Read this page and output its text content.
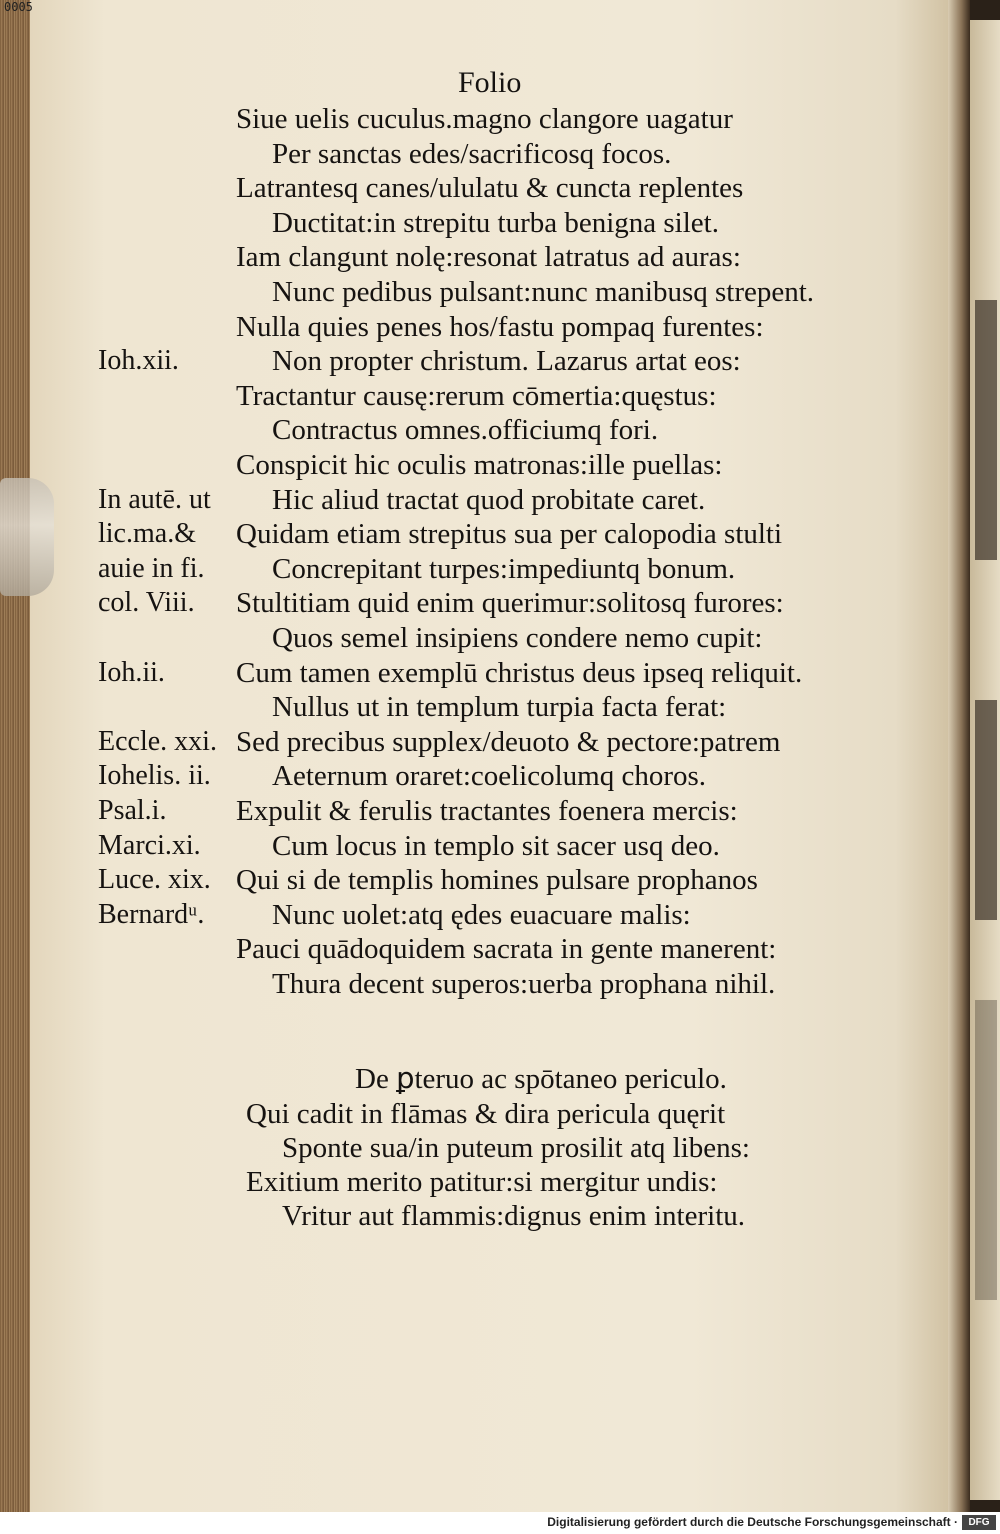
0005
Folio
Siue uelis cuculus.magno clangore uagatur
Per sanctas edes/sacrificosq focos.
Latrantesq canes/ululatu & cuncta replentes
Ductitat:in strepitu turba benigna silet.
Iam clangunt nolę:resonat latratus ad auras:
Nunc pedibus pulsant:nunc manibusq strepent.
Nulla quies penes hos/fastu pompaq furentes:
Ioh.xii.	Non propter christum. Lazarus artat eos:
Tractantur causę:rerum cōmertia:quęstus:
Contractus omnes.officiumq fori.
Conspicit hic oculis matronas:ille puellas:
In autē. ut Hic aliud tractat quod probitate caret.
lic.ma.& Quidam etiam strepitus sua per calopodia stulti
auie in fi. Concrepitant turpes:impediuntq bonum.
col. Viii. Stultitiam quid enim querimur:solitosq furores:
Quos semel insipiens condere nemo cupit:
Ioh.ii. Cum tamen exemplū christus deus ipseq reliquit.
Nullus ut in templum turpia facta ferat:
Eccle. xxi. Sed precibus supplex/deuoto & pectore:patrem
Iohelis. ii. Aeternum oraret:coelicolumq choros.
Psal.i. Expulit & ferulis tractantes foenera mercis:
Marci.xi. Cum locus in templo sit sacer usq deo.
Luce. xix. Qui si de templis homines pulsare prophanos
Bernardᵘ. Nunc uolet:atq ędes euacuare malis:
Pauci quādoquidem sacrata in gente manerent:
Thura decent superos:uerba prophana nihil.
De ꝑteruo ac spōtaneo periculo.
Qui cadit in flāmas & dira pericula quęrit
Sponte sua/in puteum prosilit atq libens:
Exitium merito patitur:si mergitur undis:
Vritur aut flammis:dignus enim interitu.
Digitalisierung gefördert durch die Deutsche Forschungsgemeinschaft ·	DFG
